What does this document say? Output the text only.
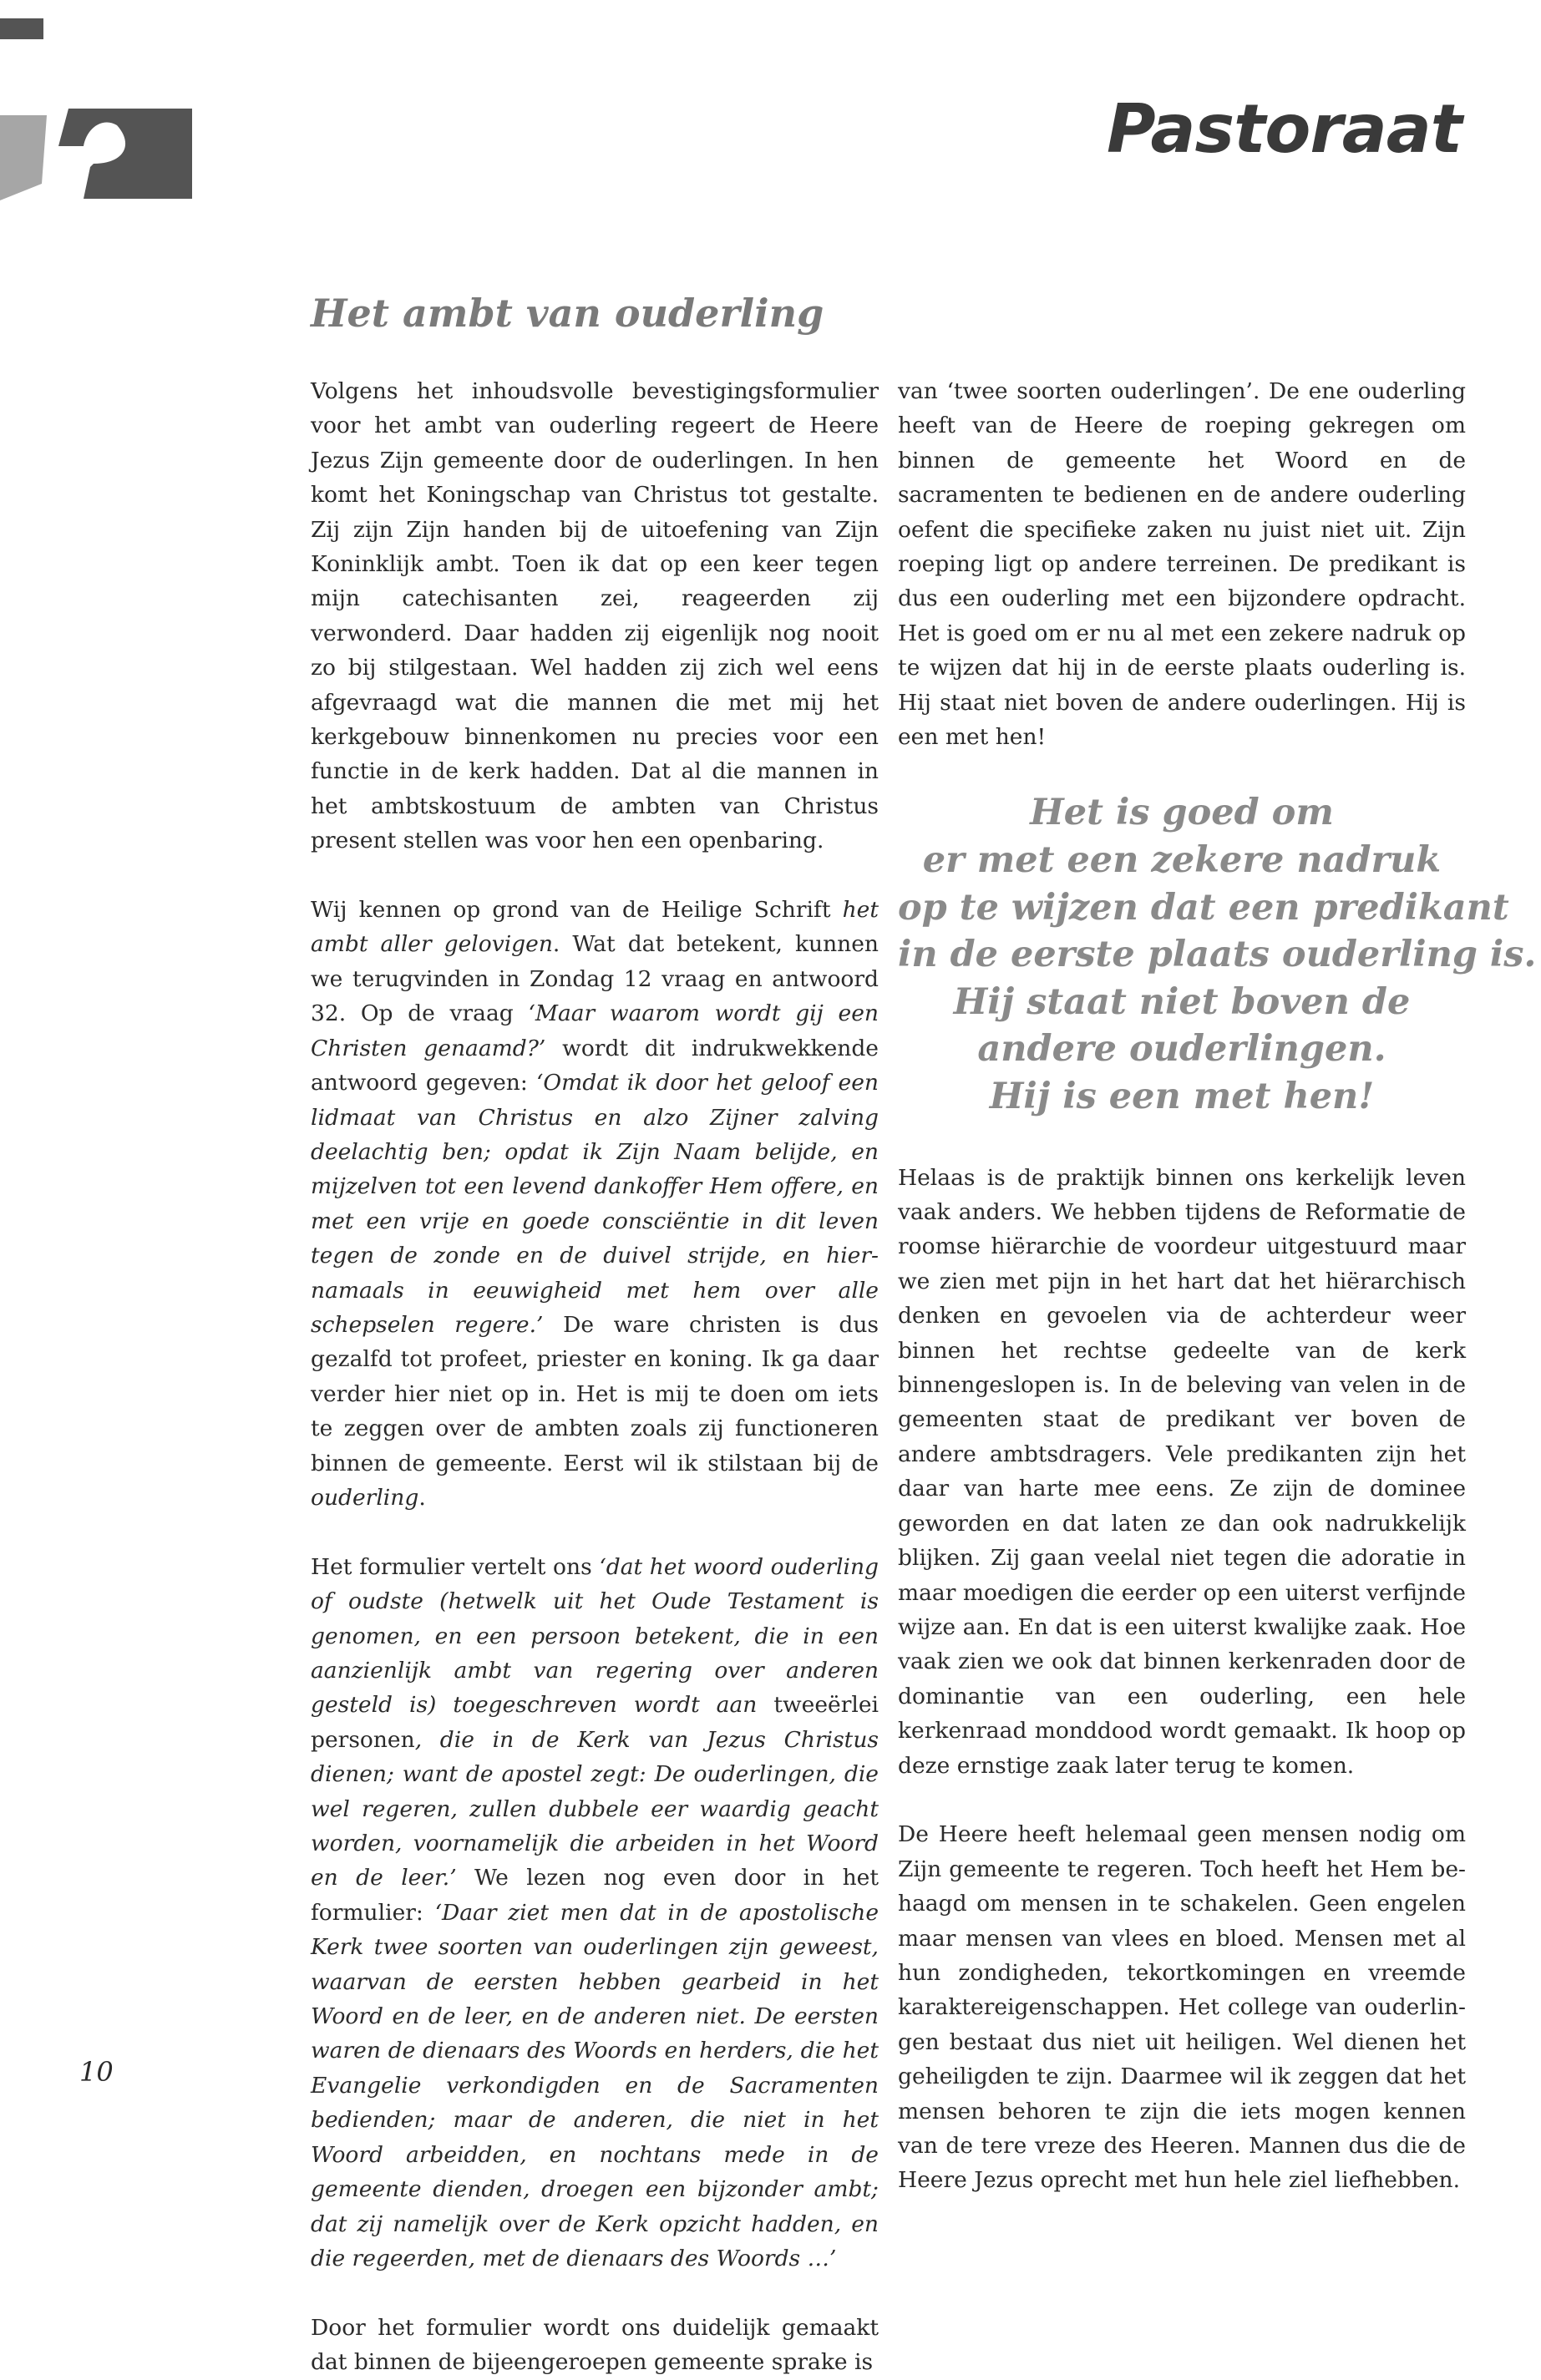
Pastoraat
Het ambt van ouderling

Volgens het inhoudsvolle bevestigingsformulier voor het ambt van ouderling regeert de Heere Jezus Zijn gemeente door de ouderlingen. In hen komt het Koningschap van Christus tot gestalte. Zij zijn Zijn handen bij de uitoefening van Zijn Koninklijk ambt. Toen ik dat op een keer tegen mijn catechisanten zei, reageerden zij verwonderd. Daar hadden zij eigenlijk nog nooit zo bij stilgestaan. Wel hadden zij zich wel eens afgevraagd wat die mannen die met mij het kerkgebouw binnenkomen nu precies voor een functie in de kerk hadden. Dat al die mannen in het ambtskostuum de ambten van Christus present stellen was voor hen een openbaring.

Wij kennen op grond van de Heilige Schrift het ambt aller gelovigen. Wat dat betekent, kunnen we terugvinden in Zondag 12 vraag en antwoord 32. Op de vraag ‘Maar waarom wordt gij een Christen genaamd?’ wordt dit indrukwekkende antwoord gegeven: ‘Omdat ik door het geloof een lidmaat van Christus en alzo Zijner zalving deelachtig ben; opdat ik Zijn Naam belijde, en mijzelven tot een levend dankoffer Hem offere, en met een vrije en goede consciëntie in dit leven tegen de zonde en de duivel strijde, en hiernamaals in eeuwigheid met hem over alle schepselen regere.’ De ware christen is dus gezalfd tot profeet, priester en koning. Ik ga daar verder hier niet op in. Het is mij te doen om iets te zeggen over de ambten zoals zij functioneren binnen de gemeente. Eerst wil ik stilstaan bij de ouderling.

Het formulier vertelt ons ‘dat het woord ouderling of oudste (hetwelk uit het Oude Testament is genomen, en een persoon betekent, die in een aanzienlijk ambt van regering over anderen gesteld is) toegeschreven wordt aan tweeërlei personen, die in de Kerk van Jezus Christus dienen; want de apostel zegt: De ouderlingen, die wel regeren, zullen dubbele eer waardig geacht worden, voornamelijk die arbeiden in het Woord en de leer.’ We lezen nog even door in het formulier: ‘Daar ziet men dat in de apostolische Kerk twee soorten van ouderlingen zijn geweest, waarvan de eersten hebben gearbeid in het Woord en de leer, en de anderen niet. De eersten waren de dienaars des Woords en herders, die het Evangelie verkondigden en de Sacramenten bedienden; maar de anderen, die niet in het Woord arbeidden, en nochtans mede in de gemeente dienden, droegen een bijzonder ambt; dat zij namelijk over de Kerk opzicht hadden, en die regeerden, met de dienaars des Woords …’

Door het formulier wordt ons duidelijk gemaakt dat binnen de bijeengeroepen gemeente sprake is

van ‘twee soorten ouderlingen’. De ene ouderling heeft van de Heere de roeping gekregen om binnen de gemeente het Woord en de sacramenten te bedienen en de andere ouderling oefent die specifieke zaken nu juist niet uit. Zijn roeping ligt op andere terreinen. De predikant is dus een ouderling met een bijzondere opdracht. Het is goed om er nu al met een zekere nadruk op te wijzen dat hij in de eerste plaats ouderling is. Hij staat niet boven de andere ouderlingen. Hij is een met hen!

Het is goed om
er met een zekere nadruk
op te wijzen dat een predikant
in de eerste plaats ouderling is.
Hij staat niet boven de
andere ouderlingen.
Hij is een met hen!

Helaas is de praktijk binnen ons kerkelijk leven vaak anders. We hebben tijdens de Reformatie de roomse hiërarchie de voordeur uitgestuurd maar we zien met pijn in het hart dat het hiërarchisch denken en gevoelen via de achterdeur weer binnen het rechtse gedeelte van de kerk binnengeslopen is. In de beleving van velen in de gemeenten staat de predikant ver boven de andere ambtsdragers. Vele predikanten zijn het daar van harte mee eens. Ze zijn de dominee geworden en dat laten ze dan ook nadrukkelijk blijken. Zij gaan veelal niet tegen die adoratie in maar moedigen die eerder op een uiterst verfijnde wijze aan. En dat is een uiterst kwalijke zaak. Hoe vaak zien we ook dat binnen kerkenraden door de dominantie van een ouderling, een hele kerkenraad monddood wordt gemaakt. Ik hoop op deze ernstige zaak later terug te komen.

De Heere heeft helemaal geen mensen nodig om Zijn gemeente te regeren. Toch heeft het Hem behaagd om mensen in te schakelen. Geen engelen maar mensen van vlees en bloed. Mensen met al hun zondigheden, tekortkomingen en vreemde karaktereigenschappen. Het college van ouderlingen bestaat dus niet uit heiligen. Wel dienen het geheiligden te zijn. Daarmee wil ik zeggen dat het mensen behoren te zijn die iets mogen kennen van de tere vreze des Heeren. Mannen dus die de Heere Jezus oprecht met hun hele ziel liefhebben.

10
